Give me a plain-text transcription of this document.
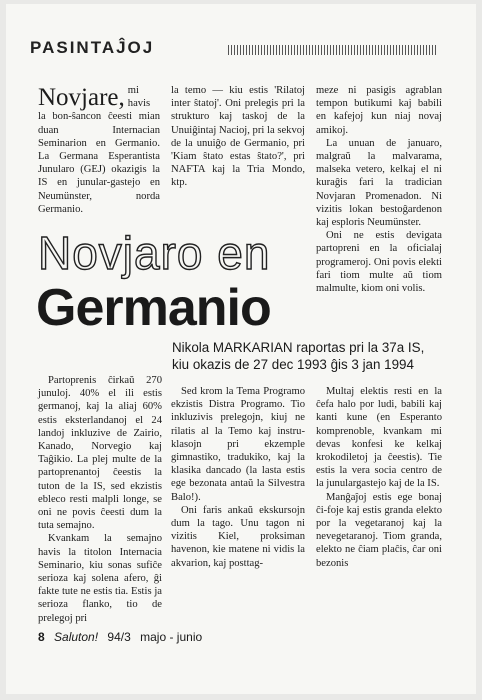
PASINTAĴOJ

Novjare, mi havis la bon-ŝancon ĉeesti mian duan Internacian Seminarion en Germanio. La Germana Esperantista Junularo (GEJ) okazigis la IS en junular-gastejo en Neumünster, norda Germanio.

la temo — kiu estis 'Rilatoj inter ŝtatoj'. Oni prelegis pri la strukturo kaj taskoj de la Unuiĝintaj Nacioj, pri la sekvoj de la unuiĝo de Germanio, pri 'Kiam ŝtato estas ŝtato?', pri NAFTA kaj la Tria Mondo, ktp.

meze ni pasigis agrablan tempon butikumi kaj babili en kafejoj kun niaj novaj amikoj.

La unuan de januaro, malgraŭ la malvarama, malseka vetero, kelkaj el ni kuraĝis fari la tradician Novjaran Promenadon. Ni vizitis lokan bestoĝardenon kaj esploris Neumünster.

Oni ne estis devigata partopreni en la oficialaj programeroj. Oni povis elekti fari tiom multe aŭ tiom malmulte, kiom oni volis.

Novjaro en
Germanio
Nikola MARKARIAN raportas pri la 37a IS, kiu okazis de 27 dec 1993 ĝis 3 jan 1994

Partoprenis ĉirkaŭ 270 junuloj. 40% el ili estis germanoj, kaj la aliaj 60% estis eksterlandanoj el 24 landoj inkluzive de Zairio, Kanado, Norvegio kaj Taĝikio. La plej multe de la partoprenantoj ĉeestis la tuton de la IS, sed ekzistis ebleco resti malpli longe, se oni ne povis ĉeesti dum la tuta semajno.

Kvankam la semajno havis la titolon Internacia Seminario, kiu sonas sufiĉe serioza kaj solena afero, ĝi fakte tute ne estis tia. Estis ja serioza flanko, tio de prelegoj pri

Sed krom la Tema Programo ekzistis Distra Programo. Tio inkluzivis prelegojn, kiuj ne rilatis al la Temo kaj instru-klasojn pri ekzemple gimnastiko, tradukiko, kaj la klasika dancado (la lasta estis ege bezonata antaŭ la Silvestra Balo!).

Oni faris ankaŭ ekskursojn dum la tago. Unu tagon ni vizitis Kiel, proksiman havenon, kie matene ni vidis la akvarion, kaj posttag-

Multaj elektis resti en la ĉefa halo por ludi, babili kaj kanti kune (en Esperanto komprenoble, kvankam mi devas konfesi ke kelkaj krokodiletoj ja ĉeestis). Tie estis la vera socia centro de la junulargastejo kaj de la IS.

Manĝaĵoj estis ege bonaj ĉi-foje kaj estis granda elekto por la vegetaranoj kaj la nevegetaranoj. Tiom granda, elekto ne ĉiam plaĉis, ĉar oni bezonis

8 Saluton! 94/3 majo - junio
